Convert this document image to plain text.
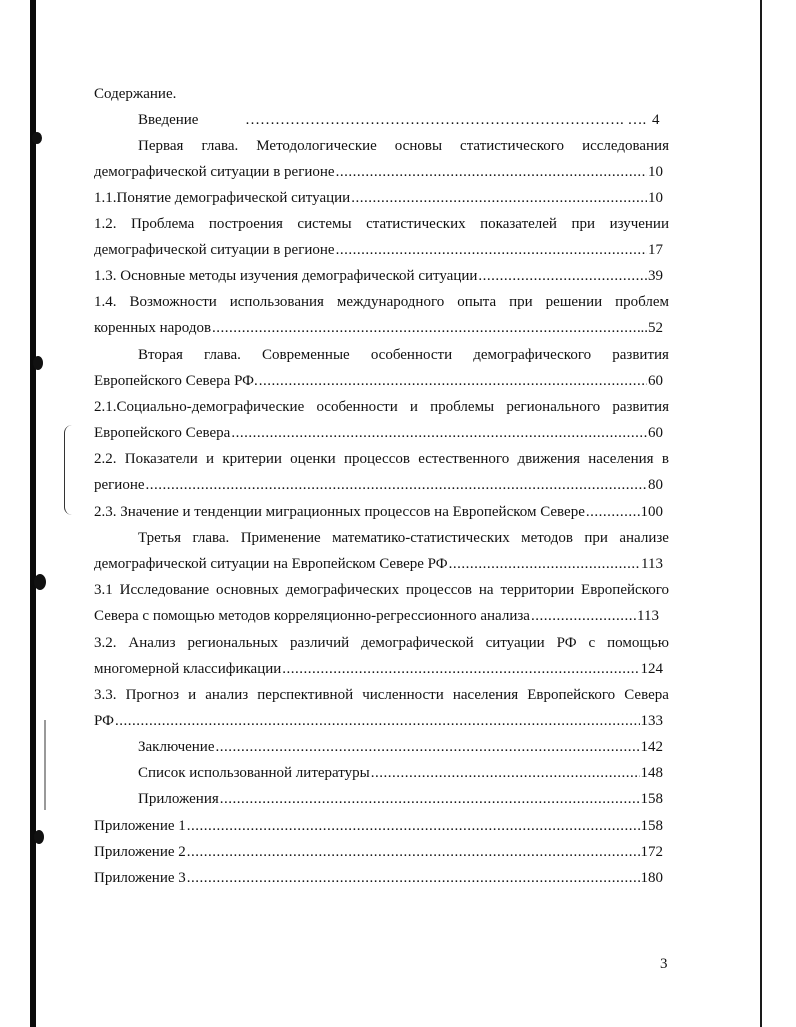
Содержание.
Введение	…………………………………………………………………. …. 4
Первая глава. Методологические основы статистического исследования
демографической ситуации в регионе .....	10
1.1.Понятие демографической ситуации .....	10
1.2. Проблема построения системы статистических показателей при изучении
демографической ситуации в регионе .....	17
1.3. Основные методы изучения демографической ситуации .....	39
1.4. Возможности использования международного опыта при решении проблем
коренных народов .....	..52
Вторая глава. Современные особенности демографического развития
Европейского Севера РФ. .....	60
2.1.Социально-демографические особенности и проблемы регионального развития
Европейского Севера .....	60
2.2. Показатели и критерии оценки процессов естественного движения населения в
регионе .....	80
2.3. Значение и тенденции миграционных процессов на Европейском Севере .....	100
Третья глава. Применение математико-статистических методов при анализе
демографической ситуации на Европейском Севере РФ .....	113
3.1 Исследование основных демографических процессов на территории Европейского
Севера с помощью методов корреляционно-регрессионного анализа .....	113
3.2. Анализ региональных различий демографической ситуации РФ с помощью
многомерной классификации .....	124
3.3. Прогноз и анализ перспективной численности населения Европейского Севера
РФ .....	133
Заключение .....	142
Список использованной литературы .....	148
Приложения .....	158
Приложение 1 .....	158
Приложение 2 .....	172
Приложение 3 .....	180
3
